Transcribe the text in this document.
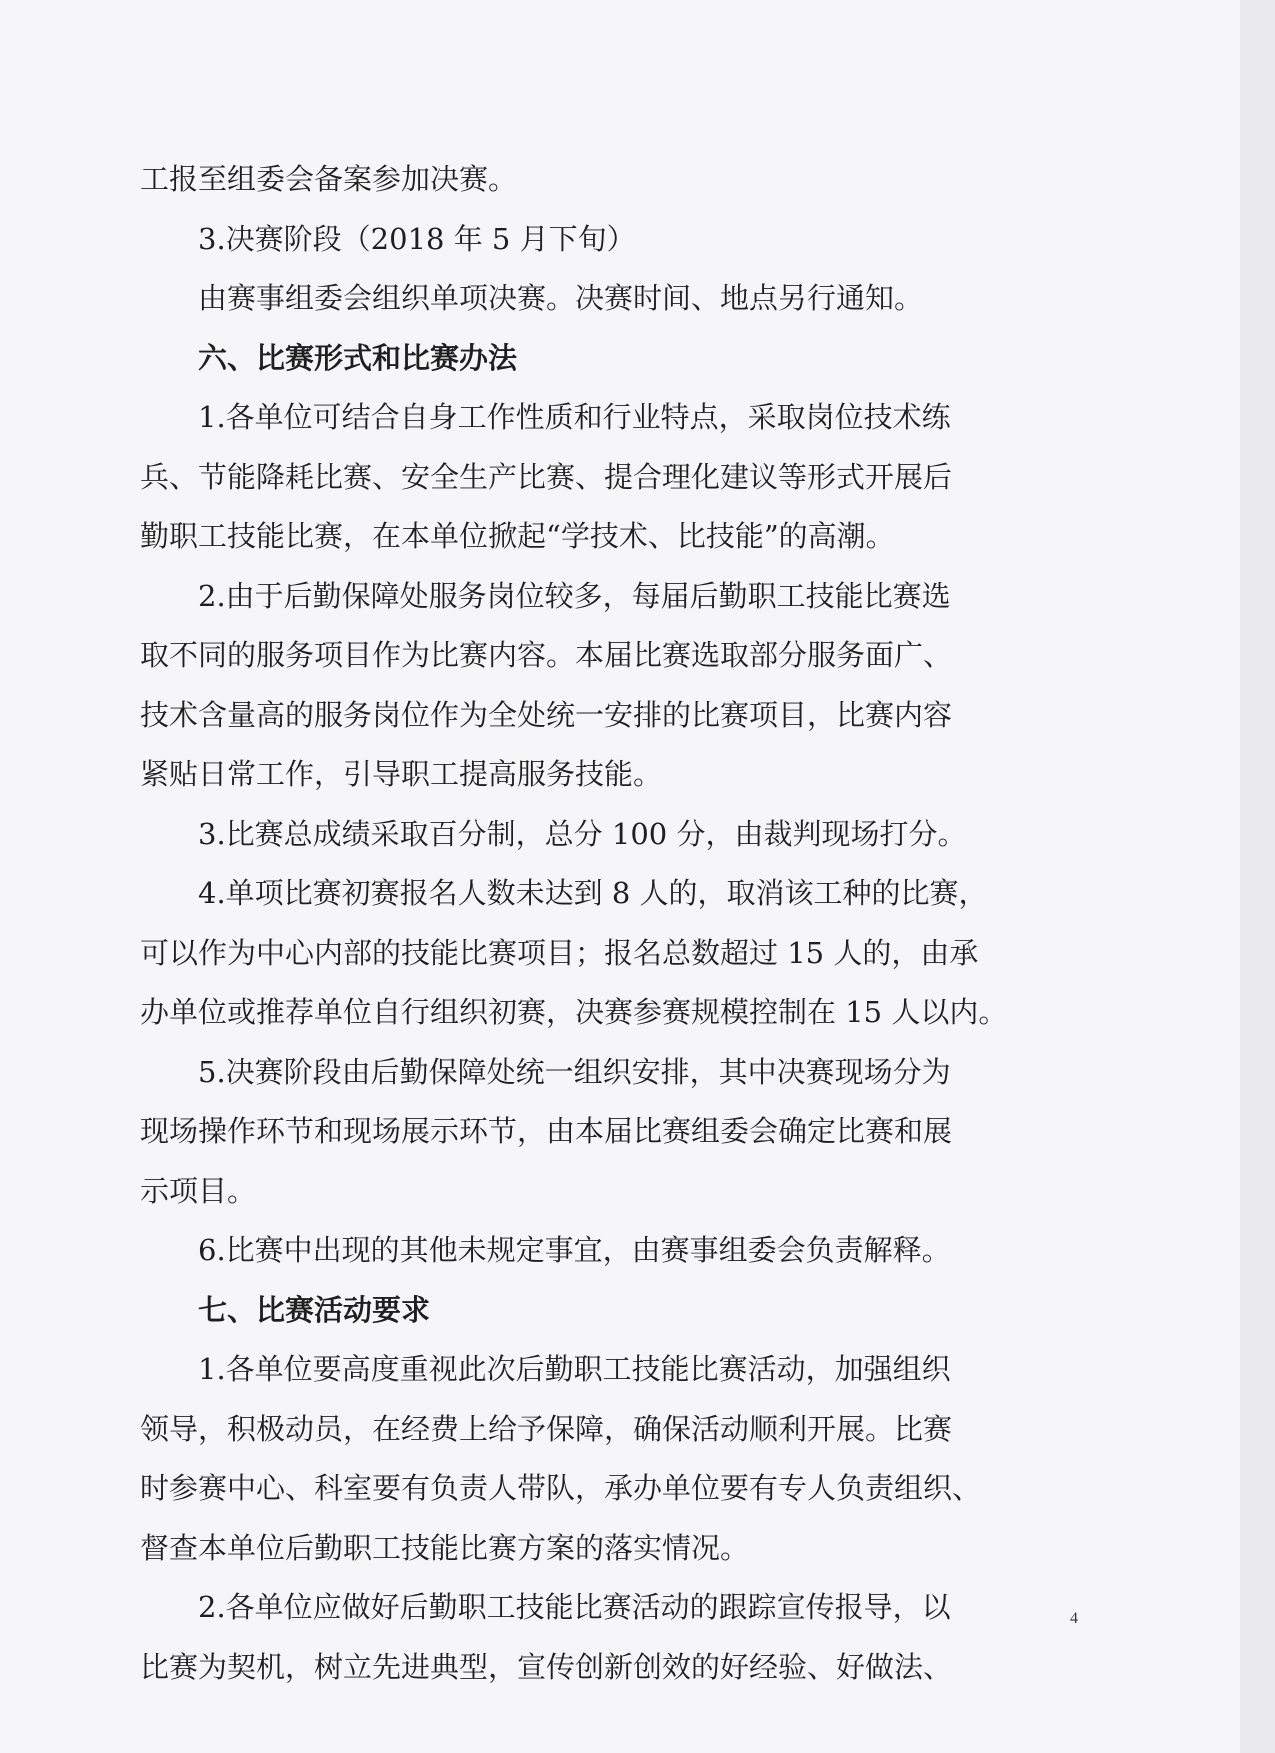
工报至组委会备案参加决赛。
3.决赛阶段（2018 年 5 月下旬）
由赛事组委会组织单项决赛。决赛时间、地点另行通知。
六、比赛形式和比赛办法
1.各单位可结合自身工作性质和行业特点，采取岗位技术练
兵、节能降耗比赛、安全生产比赛、提合理化建议等形式开展后
勤职工技能比赛，在本单位掀起“学技术、比技能”的高潮。
2.由于后勤保障处服务岗位较多，每届后勤职工技能比赛选
取不同的服务项目作为比赛内容。本届比赛选取部分服务面广、
技术含量高的服务岗位作为全处统一安排的比赛项目，比赛内容
紧贴日常工作，引导职工提高服务技能。
3.比赛总成绩采取百分制，总分 100 分，由裁判现场打分。
4.单项比赛初赛报名人数未达到 8 人的，取消该工种的比赛，
可以作为中心内部的技能比赛项目；报名总数超过 15 人的，由承
办单位或推荐单位自行组织初赛，决赛参赛规模控制在 15 人以内。
5.决赛阶段由后勤保障处统一组织安排，其中决赛现场分为
现场操作环节和现场展示环节，由本届比赛组委会确定比赛和展
示项目。
6.比赛中出现的其他未规定事宜，由赛事组委会负责解释。
七、比赛活动要求
1.各单位要高度重视此次后勤职工技能比赛活动，加强组织
领导，积极动员，在经费上给予保障，确保活动顺利开展。比赛
时参赛中心、科室要有负责人带队，承办单位要有专人负责组织、
督查本单位后勤职工技能比赛方案的落实情况。
2.各单位应做好后勤职工技能比赛活动的跟踪宣传报导，以
比赛为契机，树立先进典型，宣传创新创效的好经验、好做法、
4
